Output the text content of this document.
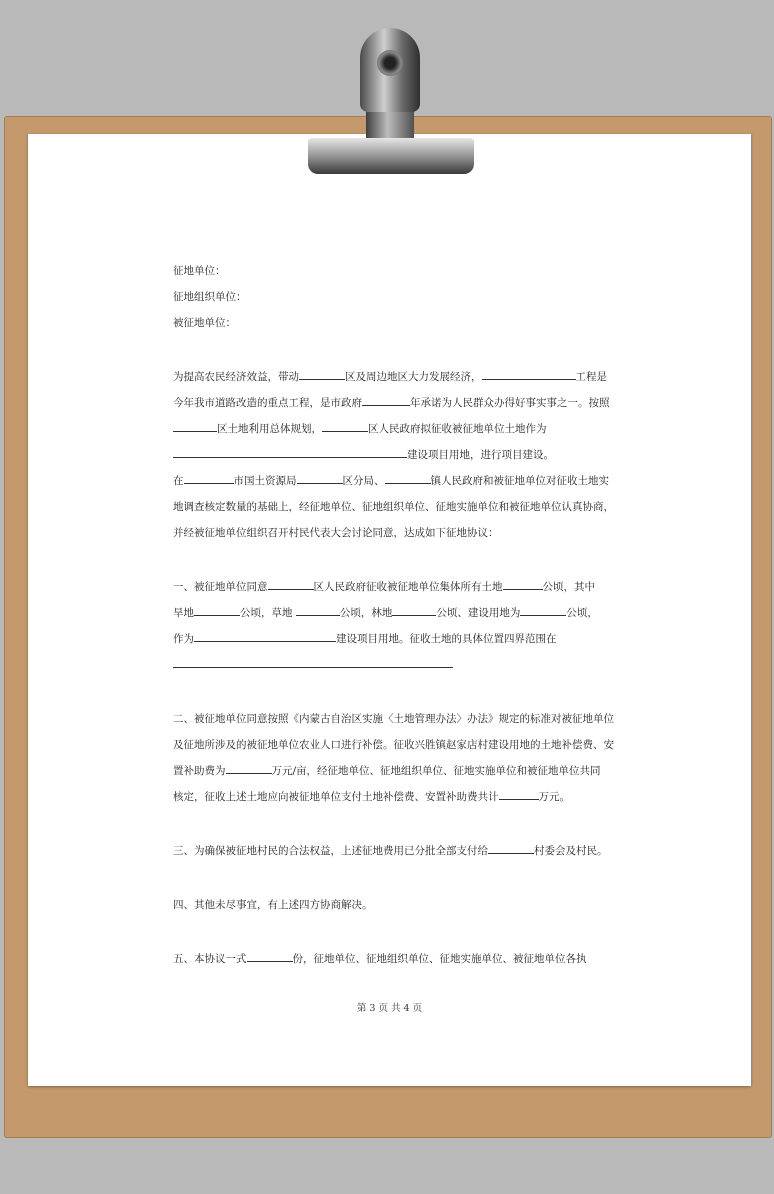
征地单位：

征地组织单位：

被征地单位：

为提高农民经济效益，带动	区及周边地区大力发展经济，	工程是

今年我市道路改造的重点工程，是市政府	年承诺为人民群众办得好事实事之一。按照

区土地利用总体规划，	区人民政府拟征收被征地单位土地作为

建设项目用地，进行项目建设。

在	市国土资源局	区分局、	镇人民政府和被征地单位对征收土地实

地调查核定数量的基础上，经征地单位、征地组织单位、征地实施单位和被征地单位认真协商，

并经被征地单位组织召开村民代表大会讨论同意，达成如下征地协议：

一、被征地单位同意	区人民政府征收被征地单位集体所有土地	公顷，其中

旱地	公顷，草地	公顷，林地	公顷、建设用地为	公顷，

作为	建设项目用地。征收土地的具体位置四界范围在

二、被征地单位同意按照《内蒙古自治区实施〈土地管理办法〉办法》规定的标准对被征地单位

及征地所涉及的被征地单位农业人口进行补偿。征收兴胜镇赵家店村建设用地的土地补偿费、安

置补助费为	万元/亩，经征地单位、征地组织单位、征地实施单位和被征地单位共同

核定，征收上述土地应向被征地单位支付土地补偿费、安置补助费共计	万元。

三、为确保被征地村民的合法权益，上述征地费用已分批全部支付给	村委会及村民。

四、其他未尽事宜，有上述四方协商解决。

五、本协议一式	份，征地单位、征地组织单位、征地实施单位、被征地单位各执

第 3 页 共 4 页
